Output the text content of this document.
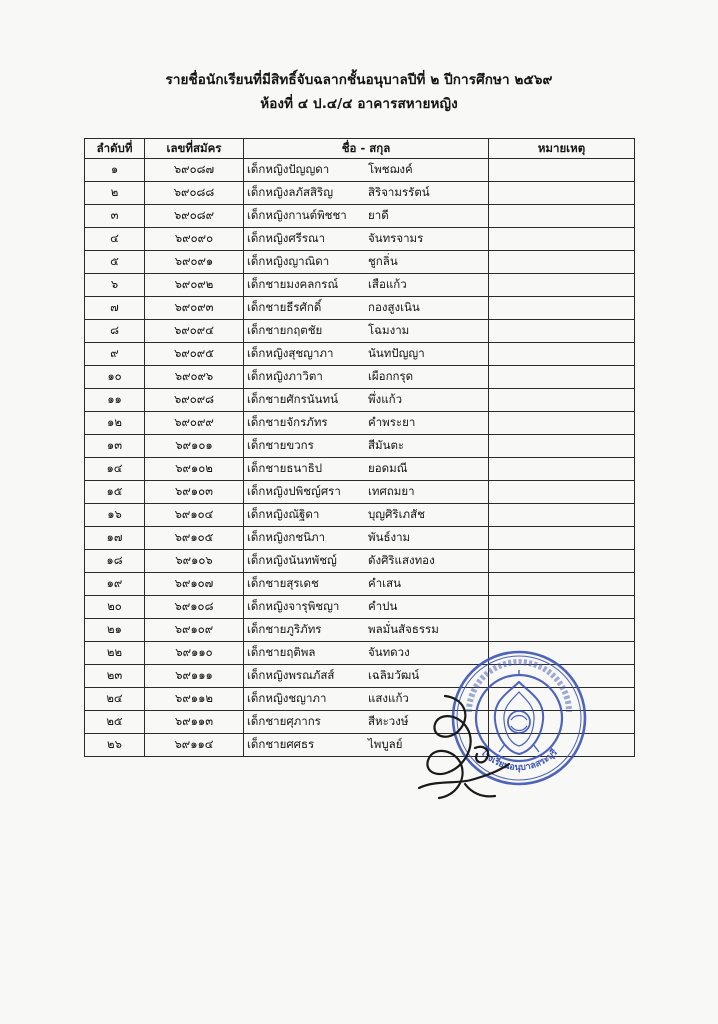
รายชื่อนักเรียนที่มีสิทธิ์จับฉลากชั้นอนุบาลปีที่ ๒ ปีการศึกษา ๒๕๖๙
ห้องที่ ๔ ป.๔/๔ อาคารสหายหญิง
ลำดับที่	เลขที่สมัคร	ชื่อ - สกุล	หมายเหตุ
๑	๖๙๐๘๗	เด็กหญิงปัญญดา โพชฌงค์	
๒	๖๙๐๘๘	เด็กหญิงลภัสสิริญ สิริจามรรัตน์	
๓	๖๙๐๘๙	เด็กหญิงกานต์พิชชา ยาดี	
๔	๖๙๐๙๐	เด็กหญิงศรีรณา จันทรจามร	
๕	๖๙๐๙๑	เด็กหญิงญาณิดา ชูกลิ่น	
๖	๖๙๐๙๒	เด็กชายมงคลกรณ์ เสือแก้ว	
๗	๖๙๐๙๓	เด็กชายธีรศักดิ์ กองสูงเนิน	
๘	๖๙๐๙๔	เด็กชายกฤตชัย โฉมงาม	
๙	๖๙๐๙๕	เด็กหญิงสุชญาภา นันทปัญญา	
๑๐	๖๙๐๙๖	เด็กหญิงภาวิตา เผือกกรุด	
๑๑	๖๙๐๙๘	เด็กชายศักรนันทน์ พึ่งแก้ว	
๑๒	๖๙๐๙๙	เด็กชายจักรภัทร คำพระยา	
๑๓	๖๙๑๐๑	เด็กชายขวกร สีมันตะ	
๑๔	๖๙๑๐๒	เด็กชายธนาธิป ยอดมณี	
๑๕	๖๙๑๐๓	เด็กหญิงปพิชญ์ศรา เทศถมยา	
๑๖	๖๙๑๐๔	เด็กหญิงณัฐิดา บุญศิริเภสัช	
๑๗	๖๙๑๐๕	เด็กหญิงกชนิภา พันธ์งาม	
๑๘	๖๙๑๐๖	เด็กหญิงนันทพัชญ์ ดังศิริแสงทอง	
๑๙	๖๙๑๐๗	เด็กชายสุรเดช คำเสน	
๒๐	๖๙๑๐๘	เด็กหญิงจารุพิชญา คำปน	
๒๑	๖๙๑๐๙	เด็กชายภูริภัทร พลมั่นสัจธรรม	
๒๒	๖๙๑๑๐	เด็กชายฤติพล จันทดวง	
๒๓	๖๙๑๑๑	เด็กหญิงพรณภัสส์ เฉลิมวัฒน์	
๒๔	๖๙๑๑๒	เด็กหญิงชญาภา แสงแก้ว	
๒๕	๖๙๑๑๓	เด็กชายศุภากร สีหะวงษ์	
๒๖	๖๙๑๑๔	เด็กชายศศธร ไพบูลย์	
โรงเรียนอนุบาลสระบุรี
